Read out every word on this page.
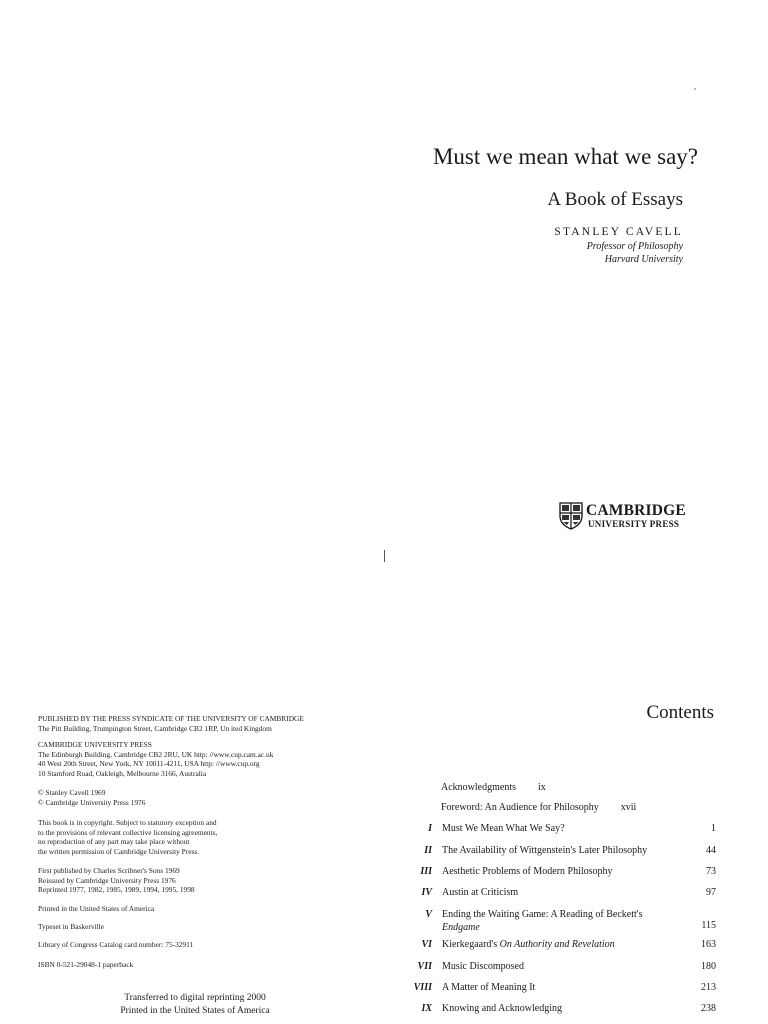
Must we mean what we say?
A Book of Essays
STANLEY CAVELL
Professor of Philosophy
Harvard University
CAMBRIDGE
UNIVERSITY PRESS
PUBLISHED BY THE PRESS SYNDICATE OF THE UNIVERSITY OF CAMBRIDGE
The Pitt Building, Trumpington Street, Cambridge CB2 1RP, Un ited Kingdom
CAMBRIDGE UNIVERSITY PRESS
The Edinburgh Building, Cambridge CB2 2RU, UK http: //www.cup.cam.ac.uk
40 West 20th Street, New York, NY 10011-4211, USA http: //www.cup.org
10 Stamford Road, Oakleigh, Melbourne 3166, Australia
© Stanley Cavell 1969
© Cambridge University Press 1976
This book is in copyright. Subject to statutory exception and
to the provisions of relevant collective licensing agreements,
no reproduction of any part may take place without
the written permission of Cambridge University Press.
First published by Charles Scribner's Sons 1969
Reissued by Cambridge University Press 1976
Reprinted 1977, 1982, 1985, 1989, 1994, 1995, 1998
Printed in the United States of America
Typeset in Baskerville
Library of Congress Catalog card number: 75-32911
ISBN 0-521-29048-1 paperback
Transferred to digital reprinting 2000
Printed in the United States of America
Contents
Acknowledgments ix
Foreword: An Audience for Philosophy xvii
I Must We Mean What We Say?	1
II The Availability of Wittgenstein's Later Philosophy	44
III Aesthetic Problems of Modern Philosophy	73
IV Austin at Criticism	97
V Ending the Waiting Game: A Reading of Beckett's
Endgame	115
VI Kierkegaard's On Authority and Revelation	163
VII Music Discomposed	180
VIII A Matter of Meaning It	213
IX Knowing and Acknowledging	238
